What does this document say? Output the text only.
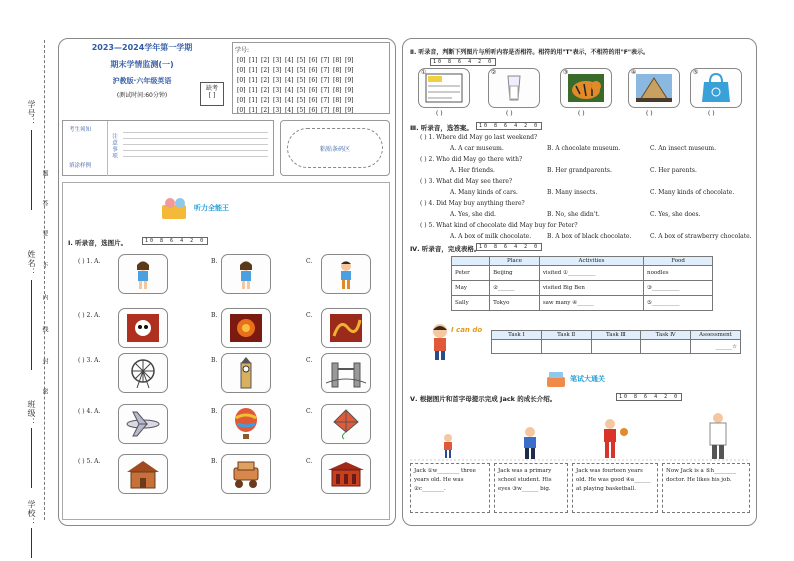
学号：
姓名：
班级：
学校：
题
答
要
不
内
线
封
密
2023—2024学年第一学期
期末学情监测(一)
沪教版·六年级英语
(测试时间:60分钟)
缺考
[ ]
学号:
[0] [1] [2] [3] [4] [5] [6] [7] [8] [9]
[0] [1] [2] [3] [4] [5] [6] [7] [8] [9]
[0] [1] [2] [3] [4] [5] [6] [7] [8] [9]
[0] [1] [2] [3] [4] [5] [6] [7] [8] [9]
[0] [1] [2] [3] [4] [5] [6] [7] [8] [9]
[0] [1] [2] [3] [4] [5] [6] [7] [8] [9]
考生须知
填涂样例
注意事项	粘贴条码区
听力全能王
Ⅰ. 听录音，选图片。	10 8 6 4 2 0
( ) 1. A.	B.	C.
( ) 2. A.	B.	C.
( ) 3. A.	B.	C.
( ) 4. A.	B.	C.
( ) 5. A.	B.	C.
Ⅱ. 听录音，判断下列图片与所听内容是否相符。相符的用"T"表示，不相符的用"F"表示。
10 8 6 4 2 0
①
( )
②
( )
③
( )
④
( )
⑤
( )
Ⅲ. 听录音，选答案。	10 8 6 4 2 0
( ) 1. Where did May go last weekend?
A. A car museum.	B. A chocolate museum.	C. An insect museum.
( ) 2. Who did May go there with?
A. Her friends.	B. Her grandparents.	C. Her parents.
( ) 3. What did May see there?
A. Many kinds of cars.	B. Many insects.	C. Many kinds of chocolate.
( ) 4. Did May buy anything there?
A. Yes, she did.	B. No, she didn't.	C. Yes, she does.
( ) 5. What kind of chocolate did May buy for Peter?
A. A box of milk chocolate.	B. A box of black chocolate.	C. A box of strawberry chocolate.
Ⅳ. 听录音，完成表格。
10 8 6 4 2 0
	Place	Activities	Food
Peter	Beijing	visited ①__________	noodles
May	②______	visited Big Ben	③__________
Sally	Tokyo	saw many ④______	⑤__________
I can do
Task Ⅰ	Task Ⅱ	Task Ⅲ	Task Ⅳ	Assessment
				______☆
笔试大通关
Ⅴ. 根据图片和首字母提示完成 Jack 的成长介绍。	10 8 6 4 2 0
Jack ①w________ three years old. He was ②c________.
Jack was a primary school student. His eyes ③w______ big.
Jack was fourteen years old. He was good ④a______ at playing basketball.
Now Jack is a ⑤h________ doctor. He likes his job.
